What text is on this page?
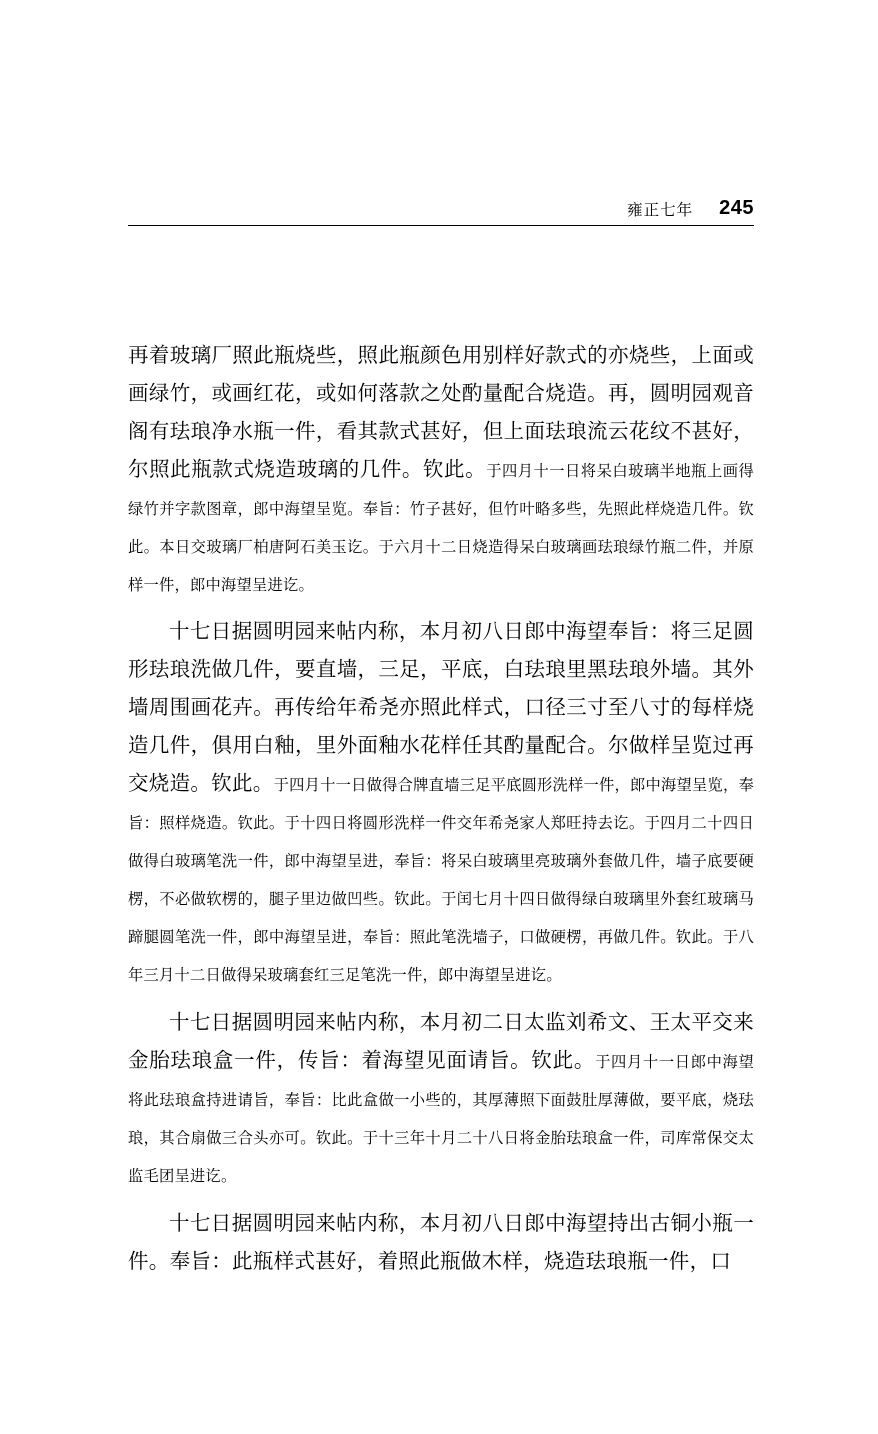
雍正七年 245

再着玻璃厂照此瓶烧些，照此瓶颜色用别样好款式的亦烧些，上面或画绿竹，或画红花，或如何落款之处酌量配合烧造。再，圆明园观音阁有珐琅净水瓶一件，看其款式甚好，但上面珐琅流云花纹不甚好，尔照此瓶款式烧造玻璃的几件。钦此。于四月十一日将呆白玻璃半地瓶上画得绿竹并字款图章，郎中海望呈览。奉旨：竹子甚好，但竹叶略多些，先照此样烧造几件。钦此。本日交玻璃厂柏唐阿石美玉讫。于六月十二日烧造得呆白玻璃画珐琅绿竹瓶二件，并原样一件，郎中海望呈进讫。

十七日据圆明园来帖内称，本月初八日郎中海望奉旨：将三足圆形珐琅洗做几件，要直墙，三足，平底，白珐琅里黑珐琅外墙。其外墙周围画花卉。再传给年希尧亦照此样式，口径三寸至八寸的每样烧造几件，俱用白釉，里外面釉水花样任其酌量配合。尔做样呈览过再交烧造。钦此。于四月十一日做得合牌直墙三足平底圆形洗样一件，郎中海望呈览，奉旨：照样烧造。钦此。于十四日将圆形洗样一件交年希尧家人郑旺持去讫。于四月二十四日做得白玻璃笔洗一件，郎中海望呈进，奉旨：将呆白玻璃里亮玻璃外套做几件，墙子底要硬楞，不必做软楞的，腿子里边做凹些。钦此。于闰七月十四日做得绿白玻璃里外套红玻璃马蹄腿圆笔洗一件，郎中海望呈进，奉旨：照此笔洗墙子，口做硬楞，再做几件。钦此。于八年三月十二日做得呆玻璃套红三足笔洗一件，郎中海望呈进讫。

十七日据圆明园来帖内称，本月初二日太监刘希文、王太平交来金胎珐琅盒一件，传旨：着海望见面请旨。钦此。于四月十一日郎中海望将此珐琅盒持进请旨，奉旨：比此盒做一小些的，其厚薄照下面鼓肚厚薄做，要平底，烧珐琅，其合扇做三合头亦可。钦此。于十三年十月二十八日将金胎珐琅盒一件，司库常保交太监毛团呈进讫。

十七日据圆明园来帖内称，本月初八日郎中海望持出古铜小瓶一件。奉旨：此瓶样式甚好，着照此瓶做木样，烧造珐琅瓶一件，口
